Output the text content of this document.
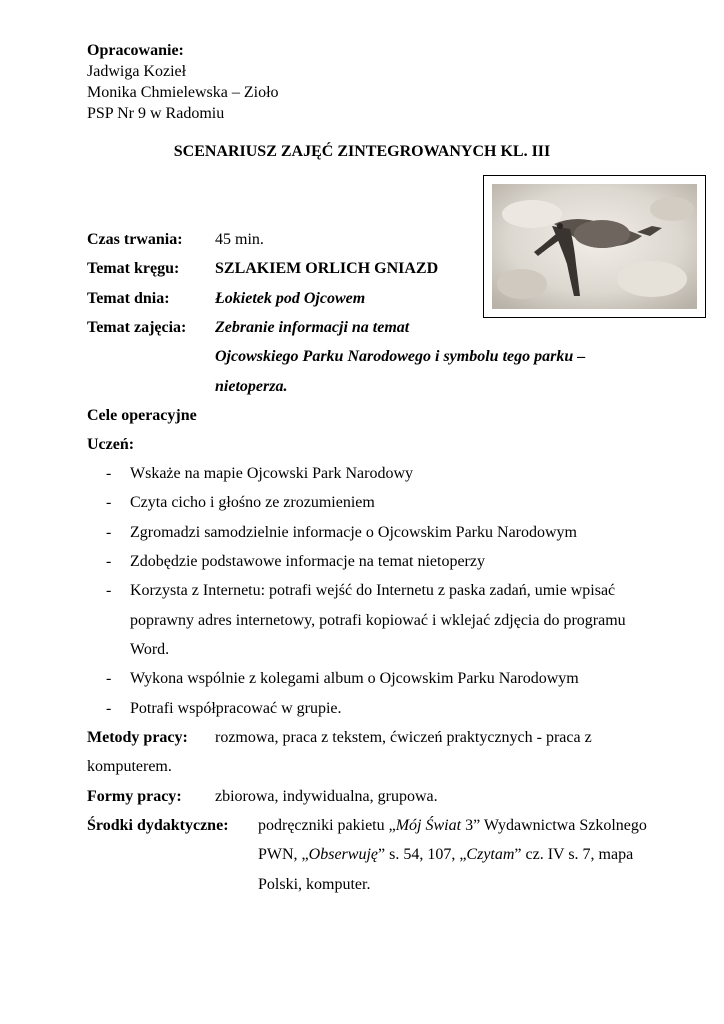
Opracowanie:
Jadwiga Kozieł
Monika Chmielewska – Zioło
PSP Nr 9 w Radomiu
SCENARIUSZ ZAJĘĆ ZINTEGROWANYCH KL. III
Czas trwania: 45 min.
Temat kręgu: SZLAKIEM ORLICH GNIAZD
Temat dnia:	Łokietek pod Ojcowem
Temat zajęcia: Zebranie informacji na temat
Ojcowskiego Parku Narodowego i symbolu tego parku –
nietoperza.
Cele operacyjne
Uczeń:
- Wskaże na mapie Ojcowski Park Narodowy
- Czyta cicho i głośno ze zrozumieniem
- Zgromadzi samodzielnie informacje o Ojcowskim Parku Narodowym
- Zdobędzie podstawowe informacje na temat nietoperzy
- Korzysta z Internetu: potrafi wejść do Internetu z paska zadań, umie wpisać
poprawny adres internetowy, potrafi kopiować i wklejać zdjęcia do programu
Word.
- Wykona wspólnie z kolegami album o Ojcowskim Parku Narodowym
- Potrafi współpracować w grupie.
Metody pracy: rozmowa, praca z tekstem, ćwiczeń praktycznych - praca z
komputerem.
Formy pracy: zbiorowa, indywidualna, grupowa.
Środki dydaktyczne: podręczniki pakietu „Mój Świat 3” Wydawnictwa Szkolnego
PWN, „Obserwuję” s. 54, 107, „Czytam” cz. IV s. 7, mapa
Polski, komputer.
